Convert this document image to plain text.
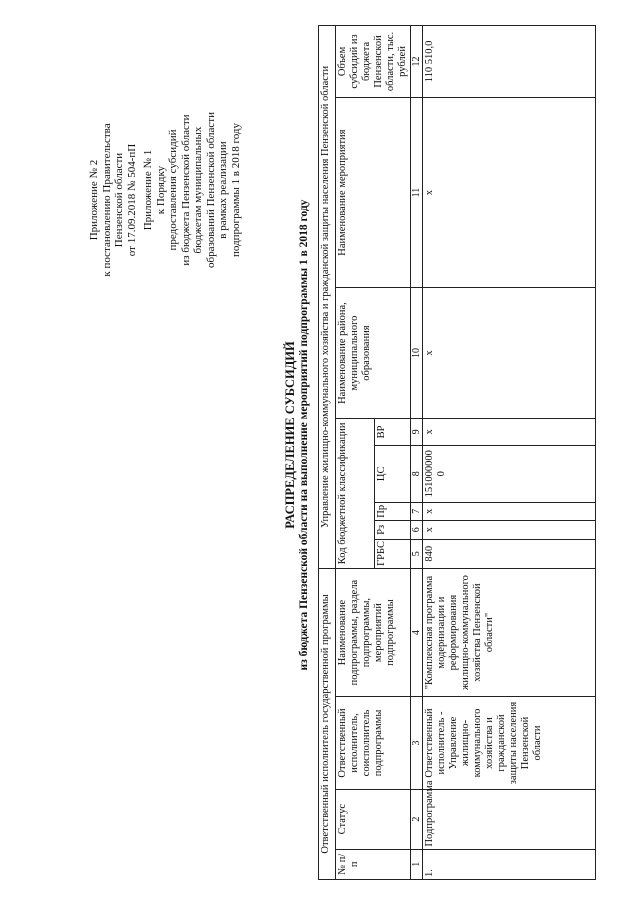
Приложение № 2 к постановлению Правительства Пензенской области от 17.09.2018 № 504-пП Приложение № 1 к Порядку предоставления субсидий из бюджета Пензенской области бюджетам муниципальных образований Пензенской области в рамках реализации подпрограммы 1 в 2018 году
РАСПРЕДЕЛЕНИЕ СУБСИДИЙ из бюджета Пензенской области на выполнение мероприятий подпрограммы 1 в 2018 году
Ответственный исполнитель государственной программы				Управление жилищно-коммунального хозяйства и гражданской защиты населения Пензенской области							
№ п/п	Статус	Ответственный исполнитель, соисполнитель подпрограммы	Наименование подпрограммы, раздела подпрограммы, мероприятий подпрограммы	Код бюджетной классификации					Наименование района, муниципального образования	Наименование мероприятия	Объем субсидий из бюджета Пензенской области, тыс. рублей
				ГРБС	Рз	Пр	ЦС	ВР			
1	2	3	4	5	6	7	8	9	10	11	12
1.	Подпрограмма	Ответственный исполнитель - Управление жилищно-коммунального хозяйства и гражданской защиты населения Пензенской области	"Комплексная программа модернизации и реформирования жилищно-коммунального хозяйства Пензенской области"	840	х	х	1510000000	х	х	х	110 510,0
